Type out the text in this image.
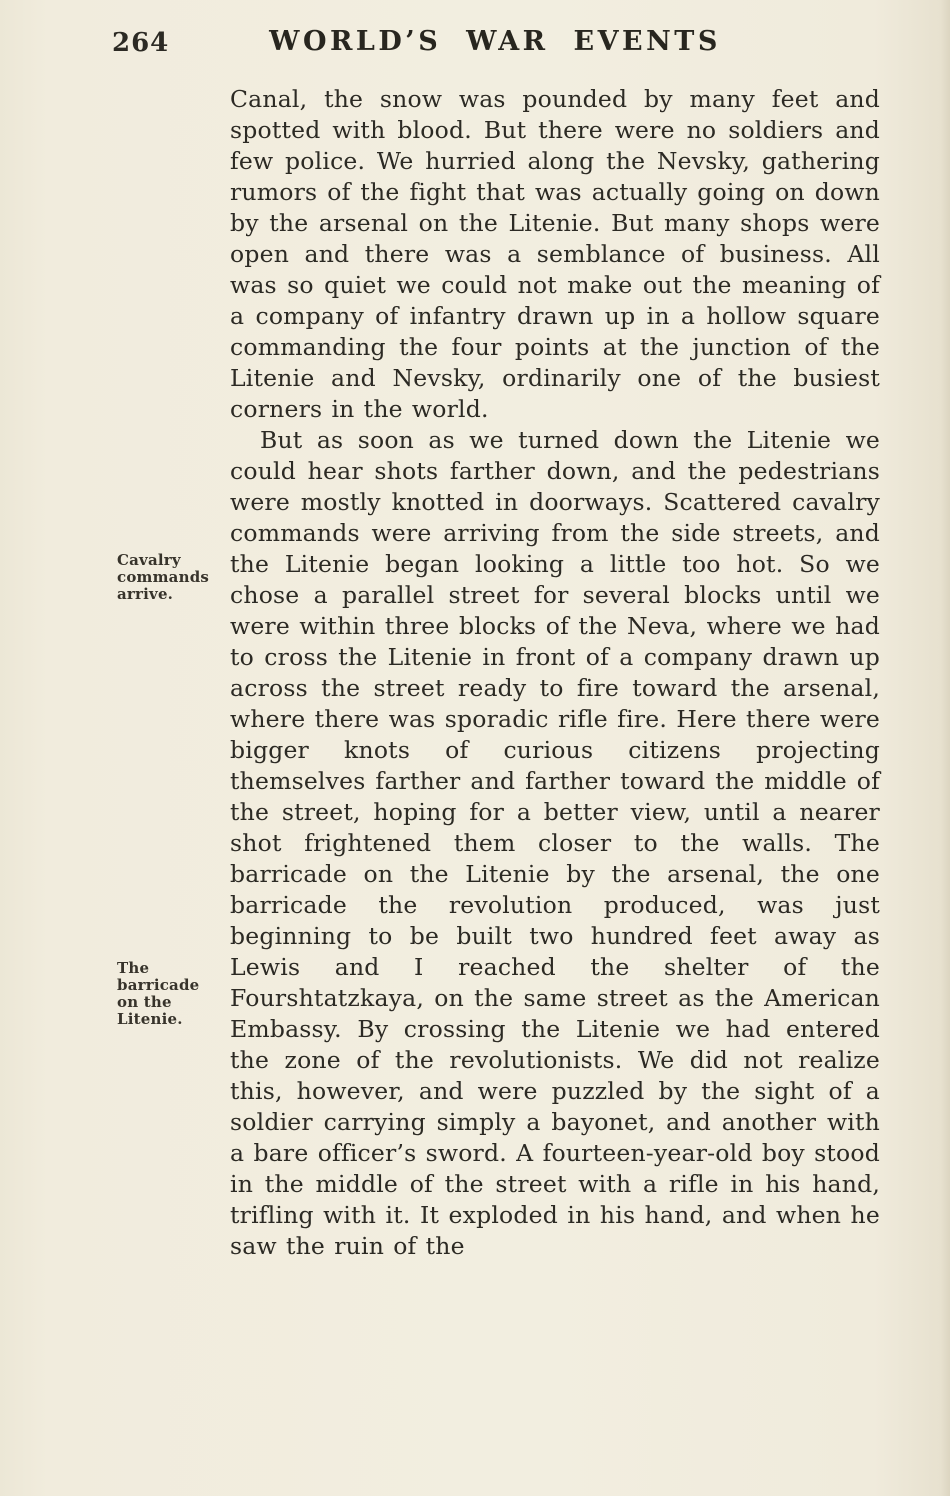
264	WORLD’S WAR EVENTS
Cavalry commands arrive.
The barricade on the Litenie.

Canal, the snow was pounded by many feet and spotted with blood. But there were no soldiers and few police. We hurried along the Nevsky, gathering rumors of the fight that was actually going on down by the arsenal on the Litenie. But many shops were open and there was a semblance of business. All was so quiet we could not make out the meaning of a company of infantry drawn up in a hollow square commanding the four points at the junction of the Litenie and Nevsky, ordinarily one of the busiest corners in the world.

But as soon as we turned down the Litenie we could hear shots farther down, and the pedestrians were mostly knotted in doorways. Scattered cavalry commands were arriving from the side streets, and the Litenie began looking a little too hot. So we chose a parallel street for several blocks until we were within three blocks of the Neva, where we had to cross the Litenie in front of a company drawn up across the street ready to fire toward the arsenal, where there was sporadic rifle fire. Here there were bigger knots of curious citizens projecting themselves farther and farther toward the middle of the street, hoping for a better view, until a nearer shot frightened them closer to the walls. The barricade on the Litenie by the arsenal, the one barricade the revolution produced, was just beginning to be built two hundred feet away as Lewis and I reached the shelter of the Fourshtatzkaya, on the same street as the American Embassy. By crossing the Litenie we had entered the zone of the revolutionists. We did not realize this, however, and were puzzled by the sight of a soldier carrying simply a bayonet, and another with a bare officer’s sword. A fourteen-year-old boy stood in the middle of the street with a rifle in his hand, trifling with it. It exploded in his hand, and when he saw the ruin of the
